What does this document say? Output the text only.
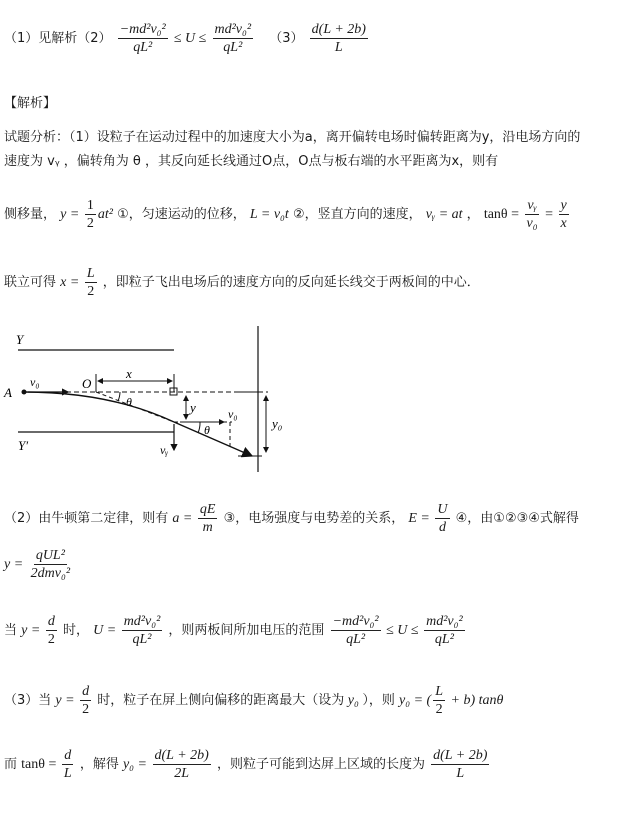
（1）见解析$(2) \frac{\text{−md²v₀²}}{\text{qL²}} \le U \le \frac{\text{md²v₀²}}{\text{qL²}} (3) \frac{d(L + 2b)}{L}$
【解析】
试题分析：（1）设粒子在运动过程中的加速度大小为a，离开偏转电场时偏转距离为y，沿电场方向的
速度为 vᵧ ，偏转角为 θ ，其反向延长线通过O点，O点与板右端的水平距离为x，则有
侧移量， $y = \frac{1}{2} at^2$ ①，匀速运动的位移， L = v₀t ②，竖直方向的速度， vᵧ = at ， $\tan\theta = \frac{\text{vᵧ}}{\text{v₀}} = \frac{y}{x}$
联立可得 $x = \frac{L}{2}$ ，即粒子飞出电场后的速度方向的反向延长线交于两板间的中心．
Y
Y′
A
v₀	O
x
θ	y	v₀
θ
vᵧ
y₀
（2）由牛顿第二定律，则有 $a = \frac{qE}{m}$ ③，电场强度与电势差的关系， $E = \frac{U}{d}$ ④，由①②③④式解得
$y = \frac{\text{qUL²}}{\text{2dmv₀²}}$
当 $y = \frac{d}{2}$ 时， $U = \frac{\text{md²v₀²}}{\text{qL²}}$ ，则两板间所加电压的范围 $\frac{\text{−md²v₀²}}{\text{qL²}} \le U \le \frac{\text{md²v₀²}}{\text{qL²}}$
（3）当 $y = \frac{d}{2}$ 时，粒子在屏上侧向偏移的距离最大（设为 y₀ ），则 y₀ = ( $\frac{L}{2} + b$) tanθ
而 $\tan\theta = \frac{d}{L}$ ，解得 $y_0 = \frac{d(L + 2b)}{2L}$ ，则粒子可能到达屏上区域的长度为 $\frac{d(L + 2b)}{L}$
